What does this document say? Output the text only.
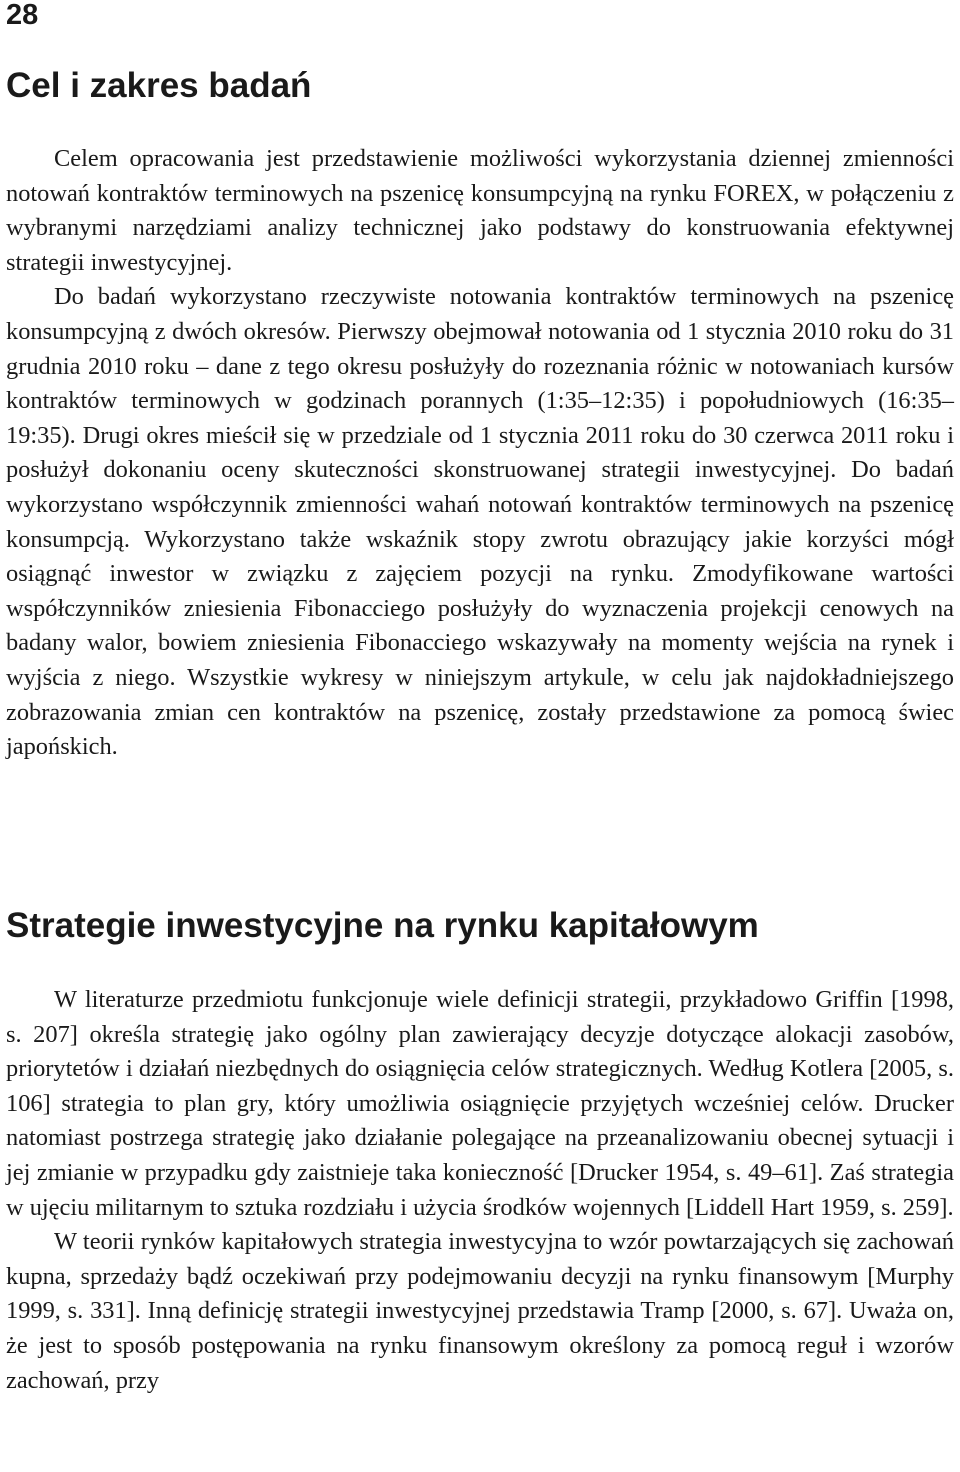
28
Cel i zakres badań

Celem opracowania jest przedstawienie możliwości wykorzystania dziennej zmienności notowań kontraktów terminowych na pszenicę konsumpcyjną na rynku FOREX, w połączeniu z wybranymi narzędziami analizy technicznej jako podstawy do konstruowania efektywnej strategii inwestycyjnej.

Do badań wykorzystano rzeczywiste notowania kontraktów terminowych na pszenicę konsumpcyjną z dwóch okresów. Pierwszy obejmował notowania od 1 stycznia 2010 roku do 31 grudnia 2010 roku – dane z tego okresu posłużyły do rozeznania różnic w notowaniach kursów kontraktów terminowych w godzinach porannych (1:35–12:35) i popołudniowych (16:35–19:35). Drugi okres mieścił się w przedziale od 1 stycznia 2011 roku do 30 czerwca 2011 roku i posłużył dokonaniu oceny skuteczności skonstruowanej strategii inwestycyjnej. Do badań wykorzystano współczynnik zmienności wahań notowań kontraktów terminowych na pszenicę konsumpcją. Wykorzystano także wskaźnik stopy zwrotu obrazujący jakie korzyści mógł osiągnąć inwestor w związku z zajęciem pozycji na rynku. Zmodyfikowane wartości współczynników zniesienia Fibonacciego posłużyły do wyznaczenia projekcji cenowych na badany walor, bowiem zniesienia Fibonacciego wskazywały na momenty wejścia na rynek i wyjścia z niego. Wszystkie wykresy w niniejszym artykule, w celu jak najdokładniejszego zobrazowania zmian cen kontraktów na pszenicę, zostały przedstawione za pomocą świec japońskich.

Strategie inwestycyjne na rynku kapitałowym

W literaturze przedmiotu funkcjonuje wiele definicji strategii, przykładowo Griffin [1998, s. 207] określa strategię jako ogólny plan zawierający decyzje dotyczące alokacji zasobów, priorytetów i działań niezbędnych do osiągnięcia celów strategicznych. Według Kotlera [2005, s. 106] strategia to plan gry, który umożliwia osiągnięcie przyjętych wcześniej celów. Drucker natomiast postrzega strategię jako działanie polegające na przeanalizowaniu obecnej sytuacji i jej zmianie w przypadku gdy zaistnieje taka konieczność [Drucker 1954, s. 49–61]. Zaś strategia w ujęciu militarnym to sztuka rozdziału i użycia środków wojennych [Liddell Hart 1959, s. 259].

W teorii rynków kapitałowych strategia inwestycyjna to wzór powtarzających się zachowań kupna, sprzedaży bądź oczekiwań przy podejmowaniu decyzji na rynku finansowym [Murphy 1999, s. 331]. Inną definicję strategii inwestycyjnej przedstawia Tramp [2000, s. 67]. Uważa on, że jest to sposób postępowania na rynku finansowym określony za pomocą reguł i wzorów zachowań, przy
